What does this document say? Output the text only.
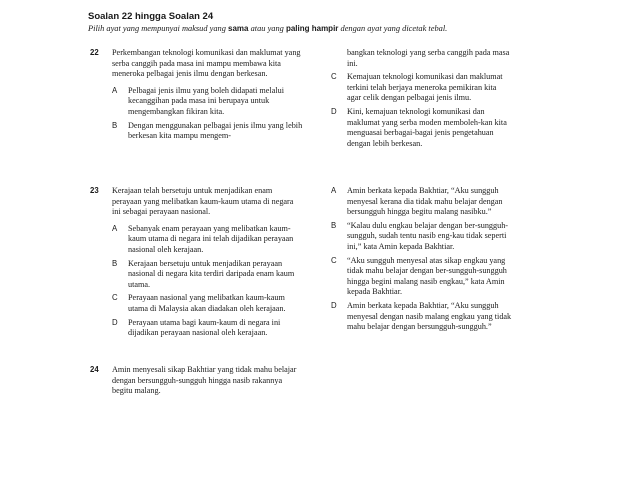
Soalan 22 hingga Soalan 24
Pilih ayat yang mempunyai maksud yang sama atau yang paling hampir dengan ayat yang dicetak tebal.
22 Perkembangan teknologi komunikasi dan maklumat yang serba canggih pada masa ini mampu membawa kita meneroka pelbagai jenis ilmu dengan berkesan.
A Pelbagai jenis ilmu yang boleh didapati melalui kecanggihan pada masa ini berupaya untuk mengembangkan fikiran kita.
B Dengan menggunakan pelbagai jenis ilmu yang lebih berkesan kita mampu mengem-
bangkan teknologi yang serba canggih pada masa ini.
C Kemajuan teknologi komunikasi dan maklumat terkini telah berjaya meneroka pemikiran kita agar celik dengan pelbagai jenis ilmu.
D Kini, kemajuan teknologi komunikasi dan maklumat yang serba moden memboleh-kan kita menguasai berbagai-bagai jenis pengetahuan dengan lebih berkesan.
23 Kerajaan telah bersetuju untuk menjadikan enam perayaan yang melibatkan kaum-kaum utama di negara ini sebagai perayaan nasional.
A Sebanyak enam perayaan yang melibatkan kaum-kaum utama di negara ini telah dijadikan perayaan nasional oleh kerajaan.
B Kerajaan bersetuju untuk menjadikan perayaan nasional di negara kita terdiri daripada enam kaum utama.
C Perayaan nasional yang melibatkan kaum-kaum utama di Malaysia akan diadakan oleh kerajaan.
D Perayaan utama bagi kaum-kaum di negara ini dijadikan perayaan nasional oleh kerajaan.
24 Amin menyesali sikap Bakhtiar yang tidak mahu belajar dengan bersungguh-sungguh hingga nasib rakannya begitu malang.
A Amin berkata kepada Bakhtiar, “Aku sungguh menyesal kerana dia tidak mahu belajar dengan bersungguh hingga begitu malang nasibku.”
B “Kalau dulu engkau belajar dengan ber-sungguh-sungguh, sudah tentu nasib eng-kau tidak seperti ini,” kata Amin kepada Bakhtiar.
C “Aku sungguh menyesal atas sikap engkau yang tidak mahu belajar dengan ber-sungguh-sungguh hingga begini malang nasib engkau,” kata Amin kepada Bakhtiar.
D Amin berkata kepada Bakhtiar, “Aku sungguh menyesal dengan nasib malang engkau yang tidak mahu belajar dengan bersungguh-sungguh.”
